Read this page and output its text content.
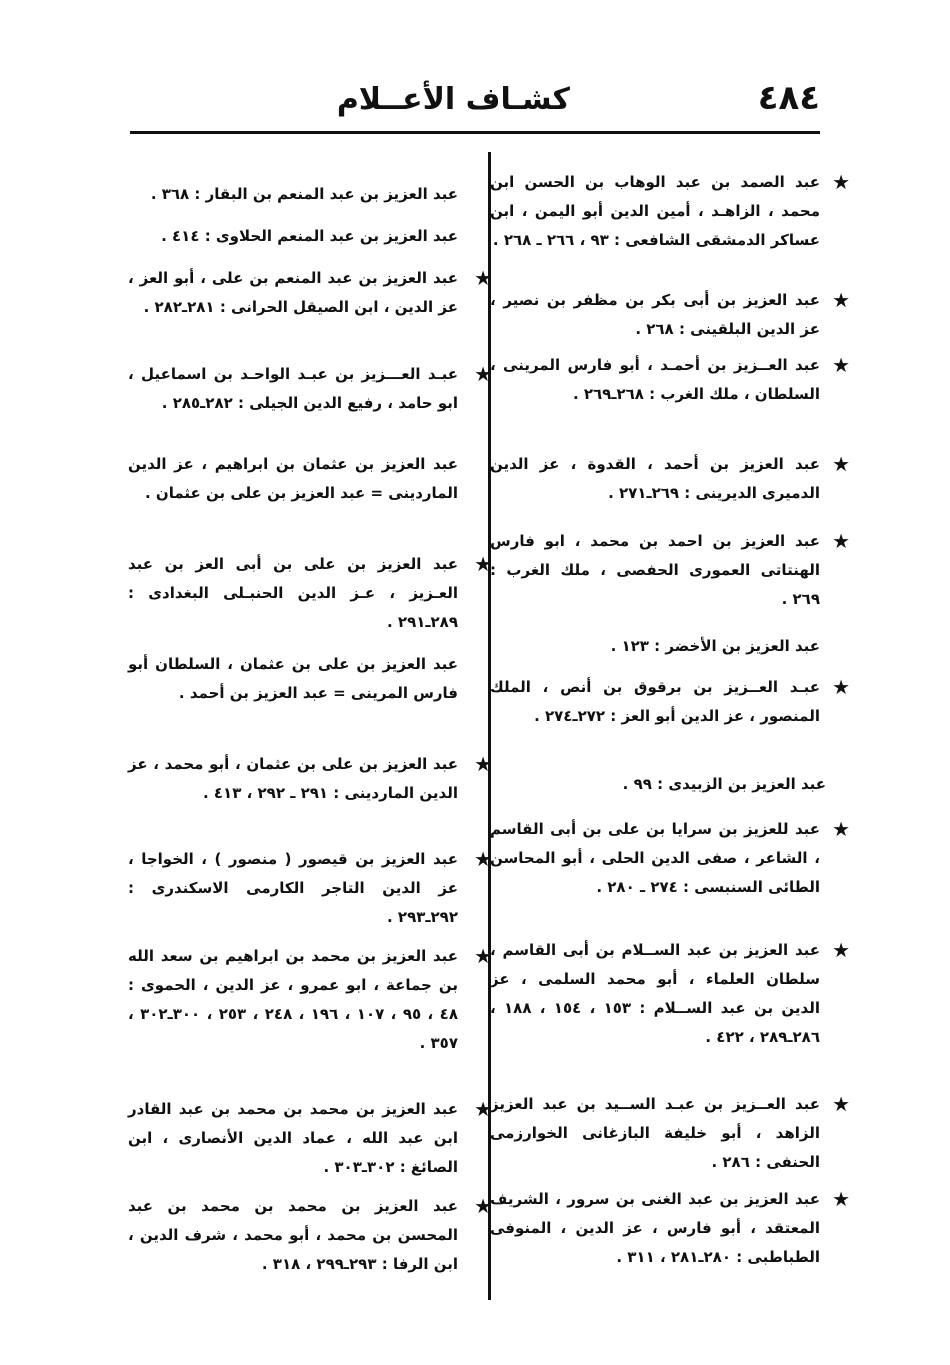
٤٨٤
كشـاف الأعــلام
★
عبد الصمد بن عبد الوهاب بن الحسن ابن محمد ، الزاهـد ، أمين الدين أبو اليمن ، ابن عساكر الدمشقى الشافعى : ٩٣ ، ٢٦٦ ـ ٢٦٨ .
★
عبد العزيز بن أبى بكر بن مظفر بن نصير ، عز الدين البلقينى : ٢٦٨ .
★
عبد العــزيز بن أحمـد ، أبو فارس المرينى ، السلطان ، ملك الغرب : ٢٦٨ـ٢٦٩ .
★
عبد العزيز بن أحمد ، القدوة ، عز الدين الدميرى الديرينى : ٢٦٩ـ٢٧١ .
★
عبد العزيز بن احمد بن محمد ، ابو فارس الهنتاتى العمورى الحفصى ، ملك الغرب : ٢٦٩ .
عبد العزيز بن الأخضر : ١٢٣ .
★
عبـد العــزيز بن برقوق بن أنص ، الملك المنصور ، عز الدين أبو العز : ٢٧٢ـ٢٧٤ .
عبد العزيز بن الزبيدى : ٩٩ .
★
عبد للعزيز بن سرايا بن على بن أبى القاسم ، الشاعر ، صفى الدين الحلى ، أبو المحاسن الطائى السنبسى : ٢٧٤ ـ ٢٨٠ .
★
عبد العزيز بن عبد الســلام بن أبى القاسم ، سلطان العلماء ، أبو محمد السلمى ، عز الدين بن عبد الســلام : ١٥٣ ، ١٥٤ ، ١٨٨ ، ٢٨٦ـ٢٨٩ ، ٤٢٢ .
★
عبد العــزيز بن عبـد الســيد بن عبد العزيز الزاهد ، أبو خليفة البازغانى الخوارزمى الحنفى : ٢٨٦ .
★
عبد العزيز بن عبد الغنى بن سرور ، الشريف المعتقد ، أبو فارس ، عز الدين ، المنوفى الطباطبى : ٢٨٠ـ٢٨١ ، ٣١١ .
عبد العزيز بن عبد المنعم بن البقار : ٣٦٨ .
عبد العزيز بن عبد المنعم الحلاوى : ٤١٤ .
★
عبد العزيز بن عبد المنعم بن على ، أبو العز ، عز الدين ، ابن الصيقل الحرانى : ٢٨١ـ٢٨٢ .
★
عبـد العـــزيز بن عبـد الواحـد بن اسماعيل ، ابو حامد ، رفيع الدين الجيلى : ٢٨٢ـ٢٨٥ .
عبد العزيز بن عثمان بن ابراهيم ، عز الدين الماردينى = عبد العزيز بن على بن عثمان .
★
عبد العزيز بن على بن أبى العز بن عبد العـزيز ، عـز الدين الحنبـلى البغدادى : ٢٨٩ـ٢٩١ .
عبد العزيز بن على بن عثمان ، السلطان أبو فارس المرينى = عبد العزيز بن أحمد .
★
عبد العزيز بن على بن عثمان ، أبو محمد ، عز الدين الماردينى : ٢٩١ ـ ٢٩٢ ، ٤١٣ .
★
عبد العزيز بن قيصور ( منصور ) ، الخواجا ، عز الدين التاجر الكارمى الاسكندرى : ٢٩٢ـ٢٩٣ .
★
عبد العزيز بن محمد بن ابراهيم بن سعد الله بن جماعة ، ابو عمرو ، عز الدين ، الحموى : ٤٨ ، ٩٥ ، ١٠٧ ، ١٩٦ ، ٢٤٨ ، ٢٥٣ ، ٣٠٠ـ٣٠٢ ، ٣٥٧ .
★
عبد العزيز بن محمد بن محمد بن عبد القادر ابن عبد الله ، عماد الدين الأنصارى ، ابن الصائغ : ٣٠٢ـ٣٠٣ .
★
عبد العزيز بن محمد بن محمد بن عبد المحسن بن محمد ، أبو محمد ، شرف الدين ، ابن الرفا : ٢٩٣ـ٢٩٩ ، ٣١٨ .
